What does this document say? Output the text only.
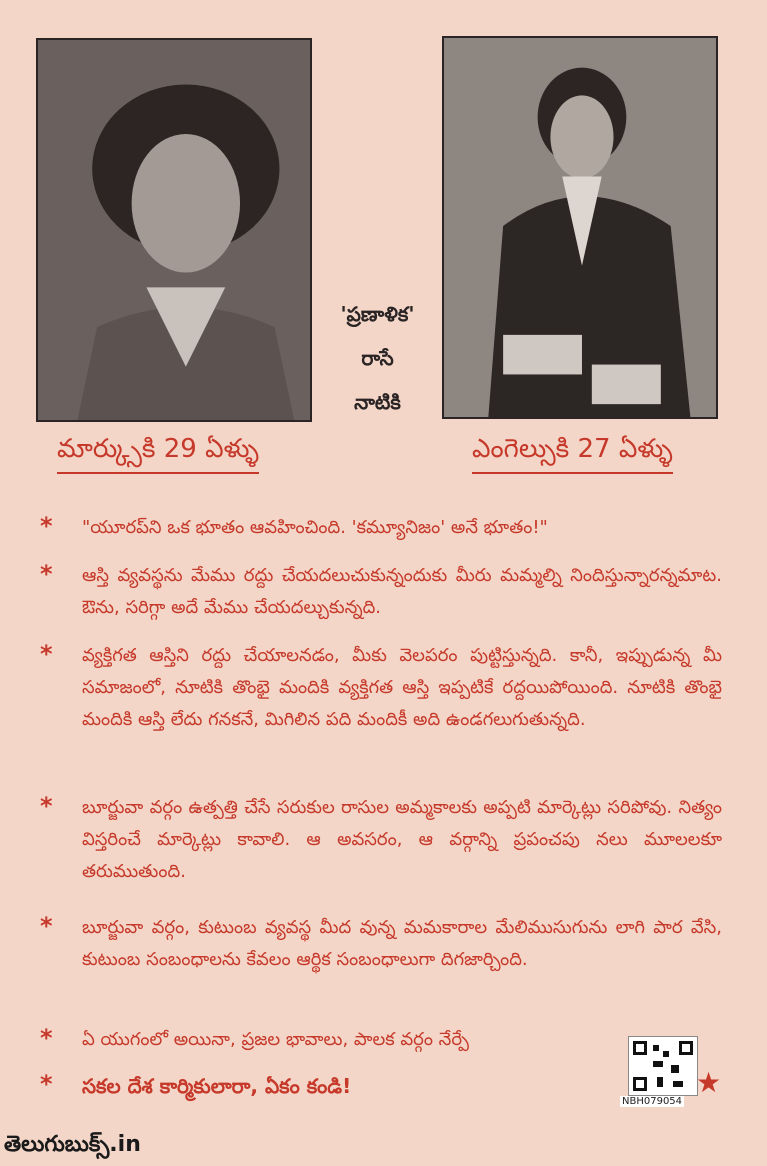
'ప్రణాళిక'
రాసే
నాటికి
మార్క్సుకి 29 ఏళ్ళు	ఎంగెల్సుకి 27 ఏళ్ళు
* "యూరప్‌ని ఒక భూతం ఆవహించింది. 'కమ్యూనిజం' అనే భూతం!"
* ఆస్తి వ్యవస్థను మేము రద్దు చేయదలుచుకున్నందుకు మీరు మమ్మల్ని నిందిస్తున్నారన్నమాట. ఔను, సరిగ్గా అదే మేము చేయదల్చుకున్నది.
* వ్యక్తిగత ఆస్తిని రద్దు చేయాలనడం, మీకు వెలపరం పుట్టిస్తున్నది. కానీ, ఇప్పుడున్న మీ సమాజంలో, నూటికి తొంభై మందికి వ్యక్తిగత ఆస్తి ఇప్పటికే రద్దయిపోయింది. నూటికి తొంభై మందికి ఆస్తి లేదు గనకనే, మిగిలిన పది మందికీ అది ఉండగలుగుతున్నది.
* బూర్జువా వర్గం ఉత్పత్తి చేసే సరుకుల రాసుల అమ్మకాలకు అప్పటి మార్కెట్లు సరిపోవు. నిత్యం విస్తరించే మార్కెట్లు కావాలి. ఆ అవసరం, ఆ వర్గాన్ని ప్రపంచపు నలు మూలలకూ తరుముతుంది.
* బూర్జువా వర్గం, కుటుంబ వ్యవస్థ మీద వున్న మమకారాల మేలిముసుగును లాగి పార వేసి, కుటుంబ సంబంధాలను కేవలం ఆర్థిక సంబంధాలుగా దిగజార్చింది.
* ఏ యుగంలో అయినా, ప్రజల భావాలు, పాలక వర్గం నేర్పే
* సకల దేశ కార్మికులారా, ఏకం కండి!
NBH079054
★
తెలుగుబుక్స్.in
